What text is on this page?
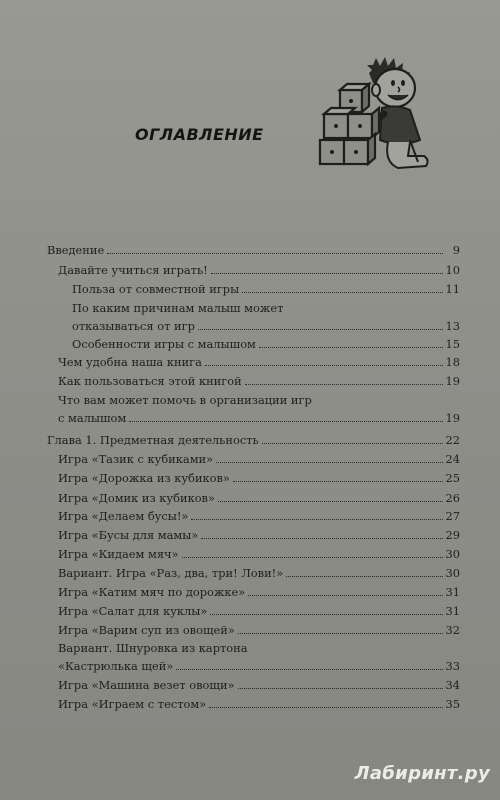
ОГЛАВЛЕНИЕ
Введение	9
Давайте учиться играть!	10
Польза от совместной игры	11
По каким причинам малыш может
отказываться от игр	13
Особенности игры с малышом	15
Чем удобна наша книга	18
Как пользоваться этой книгой	19
Что вам может помочь в организации игр
с малышом	19
Глава 1. Предметная деятельность	22
Игра «Тазик с кубиками»	24
Игра «Дорожка из кубиков»	25
Игра «Домик из кубиков»	26
Игра «Делаем бусы!»	27
Игра «Бусы для мамы»	29
Игра «Кидаем мяч»	30
Вариант. Игра «Раз, два, три! Лови!»	30
Игра «Катим мяч по дорожке»	31
Игра «Салат для куклы»	31
Игра «Варим суп из овощей»	32
Вариант. Шнуровка из картона
«Кастрюлька щей»	33
Игра «Машина везет овощи»	34
Игра «Играем с тестом»	35
Лабиринт.ру
